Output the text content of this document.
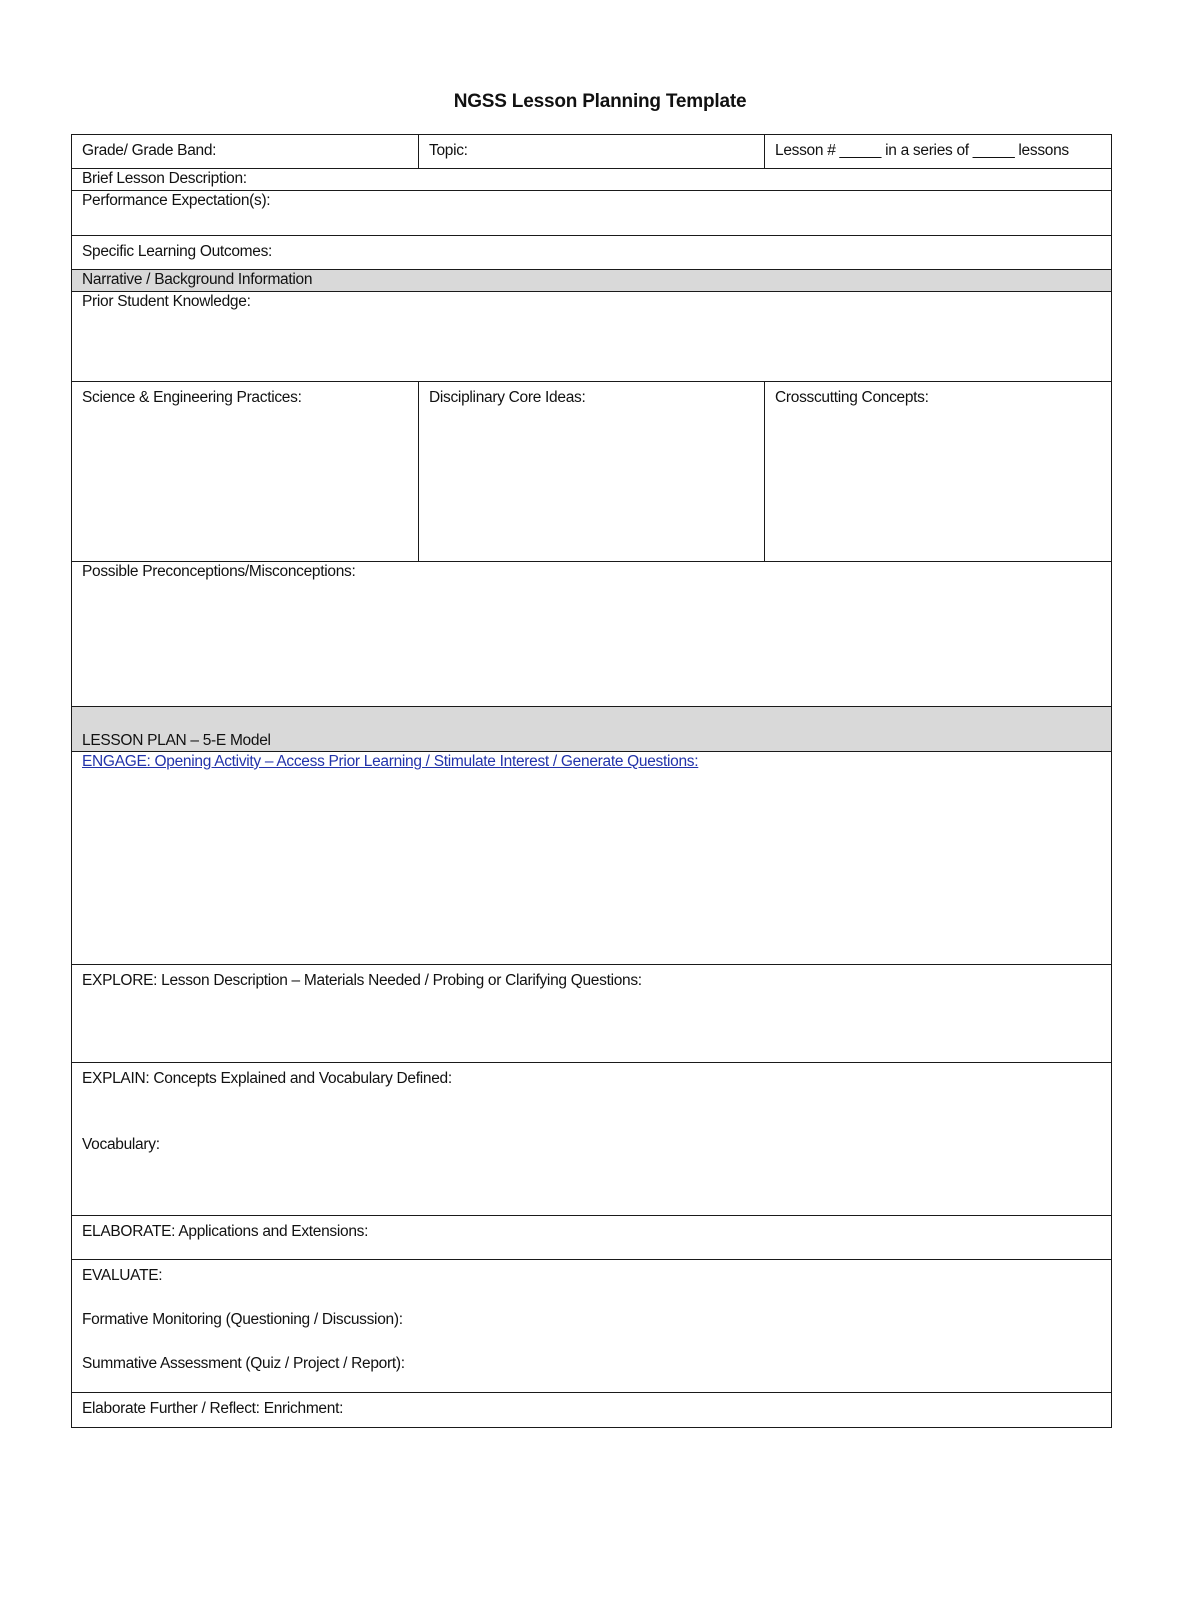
NGSS Lesson Planning Template
Grade/ Grade Band:	Topic:	Lesson # _____ in a series of _____ lessons
Brief Lesson Description:		
Performance Expectation(s):		
Specific Learning Outcomes:		
Narrative / Background Information		
Prior Student Knowledge:		
Science & Engineering Practices:	Disciplinary Core Ideas:	Crosscutting Concepts:
Possible Preconceptions/Misconceptions:		
LESSON PLAN – 5-E Model		
ENGAGE: Opening Activity – Access Prior Learning / Stimulate Interest / Generate Questions:		
EXPLORE: Lesson Description – Materials Needed / Probing or Clarifying Questions:		

EXPLAIN: Concepts Explained and Vocabulary Defined:
Vocabulary:		

ELABORATE: Applications and Extensions:		

EVALUATE:
Formative Monitoring (Questioning / Discussion):
Summative Assessment (Quiz / Project / Report):		

Elaborate Further / Reflect: Enrichment:		
